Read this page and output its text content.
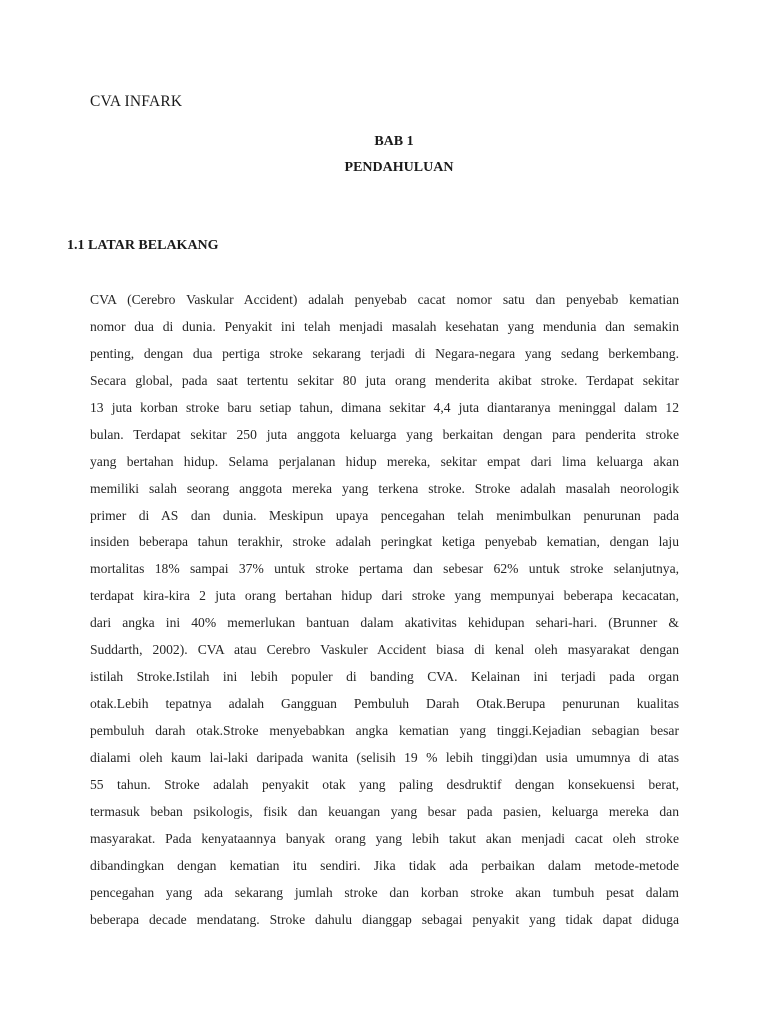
CVA INFARK
BAB 1
PENDAHULUAN
1.1 LATAR BELAKANG

CVA (Cerebro Vaskular Accident) adalah penyebab cacat nomor satu dan penyebab kematian
nomor dua di dunia. Penyakit ini telah menjadi masalah kesehatan yang mendunia dan semakin
penting, dengan dua pertiga stroke sekarang terjadi di Negara-negara yang sedang berkembang.
Secara global, pada saat tertentu sekitar 80 juta orang menderita akibat stroke. Terdapat sekitar
13 juta korban stroke baru setiap tahun, dimana sekitar 4,4 juta diantaranya meninggal dalam 12
bulan. Terdapat sekitar 250 juta anggota keluarga yang berkaitan dengan para penderita stroke
yang bertahan hidup. Selama perjalanan hidup mereka, sekitar empat dari lima keluarga akan
memiliki salah seorang anggota mereka yang terkena stroke. Stroke adalah masalah neorologik
primer di AS dan dunia. Meskipun upaya pencegahan telah menimbulkan penurunan pada
insiden beberapa tahun terakhir, stroke adalah peringkat ketiga penyebab kematian, dengan laju
mortalitas 18% sampai 37% untuk stroke pertama dan sebesar 62% untuk stroke selanjutnya,
terdapat kira-kira 2 juta orang bertahan hidup dari stroke yang mempunyai beberapa kecacatan,
dari angka ini 40% memerlukan bantuan dalam akativitas kehidupan sehari-hari. (Brunner &
Suddarth, 2002). CVA atau Cerebro Vaskuler Accident biasa di kenal oleh masyarakat dengan
istilah Stroke.Istilah ini lebih populer di banding CVA. Kelainan ini terjadi pada organ
otak.Lebih tepatnya adalah Gangguan Pembuluh Darah Otak.Berupa penurunan kualitas
pembuluh darah otak.Stroke menyebabkan angka kematian yang tinggi.Kejadian sebagian besar
dialami oleh kaum lai-laki daripada wanita (selisih 19 % lebih tinggi)dan usia umumnya di atas
55 tahun. Stroke adalah penyakit otak yang paling desdruktif dengan konsekuensi berat,
termasuk beban psikologis, fisik dan keuangan yang besar pada pasien, keluarga mereka dan
masyarakat. Pada kenyataannya banyak orang yang lebih takut akan menjadi cacat oleh stroke
dibandingkan dengan kematian itu sendiri. Jika tidak ada perbaikan dalam metode-metode
pencegahan yang ada sekarang jumlah stroke dan korban stroke akan tumbuh pesat dalam
beberapa decade mendatang. Stroke dahulu dianggap sebagai penyakit yang tidak dapat diduga
